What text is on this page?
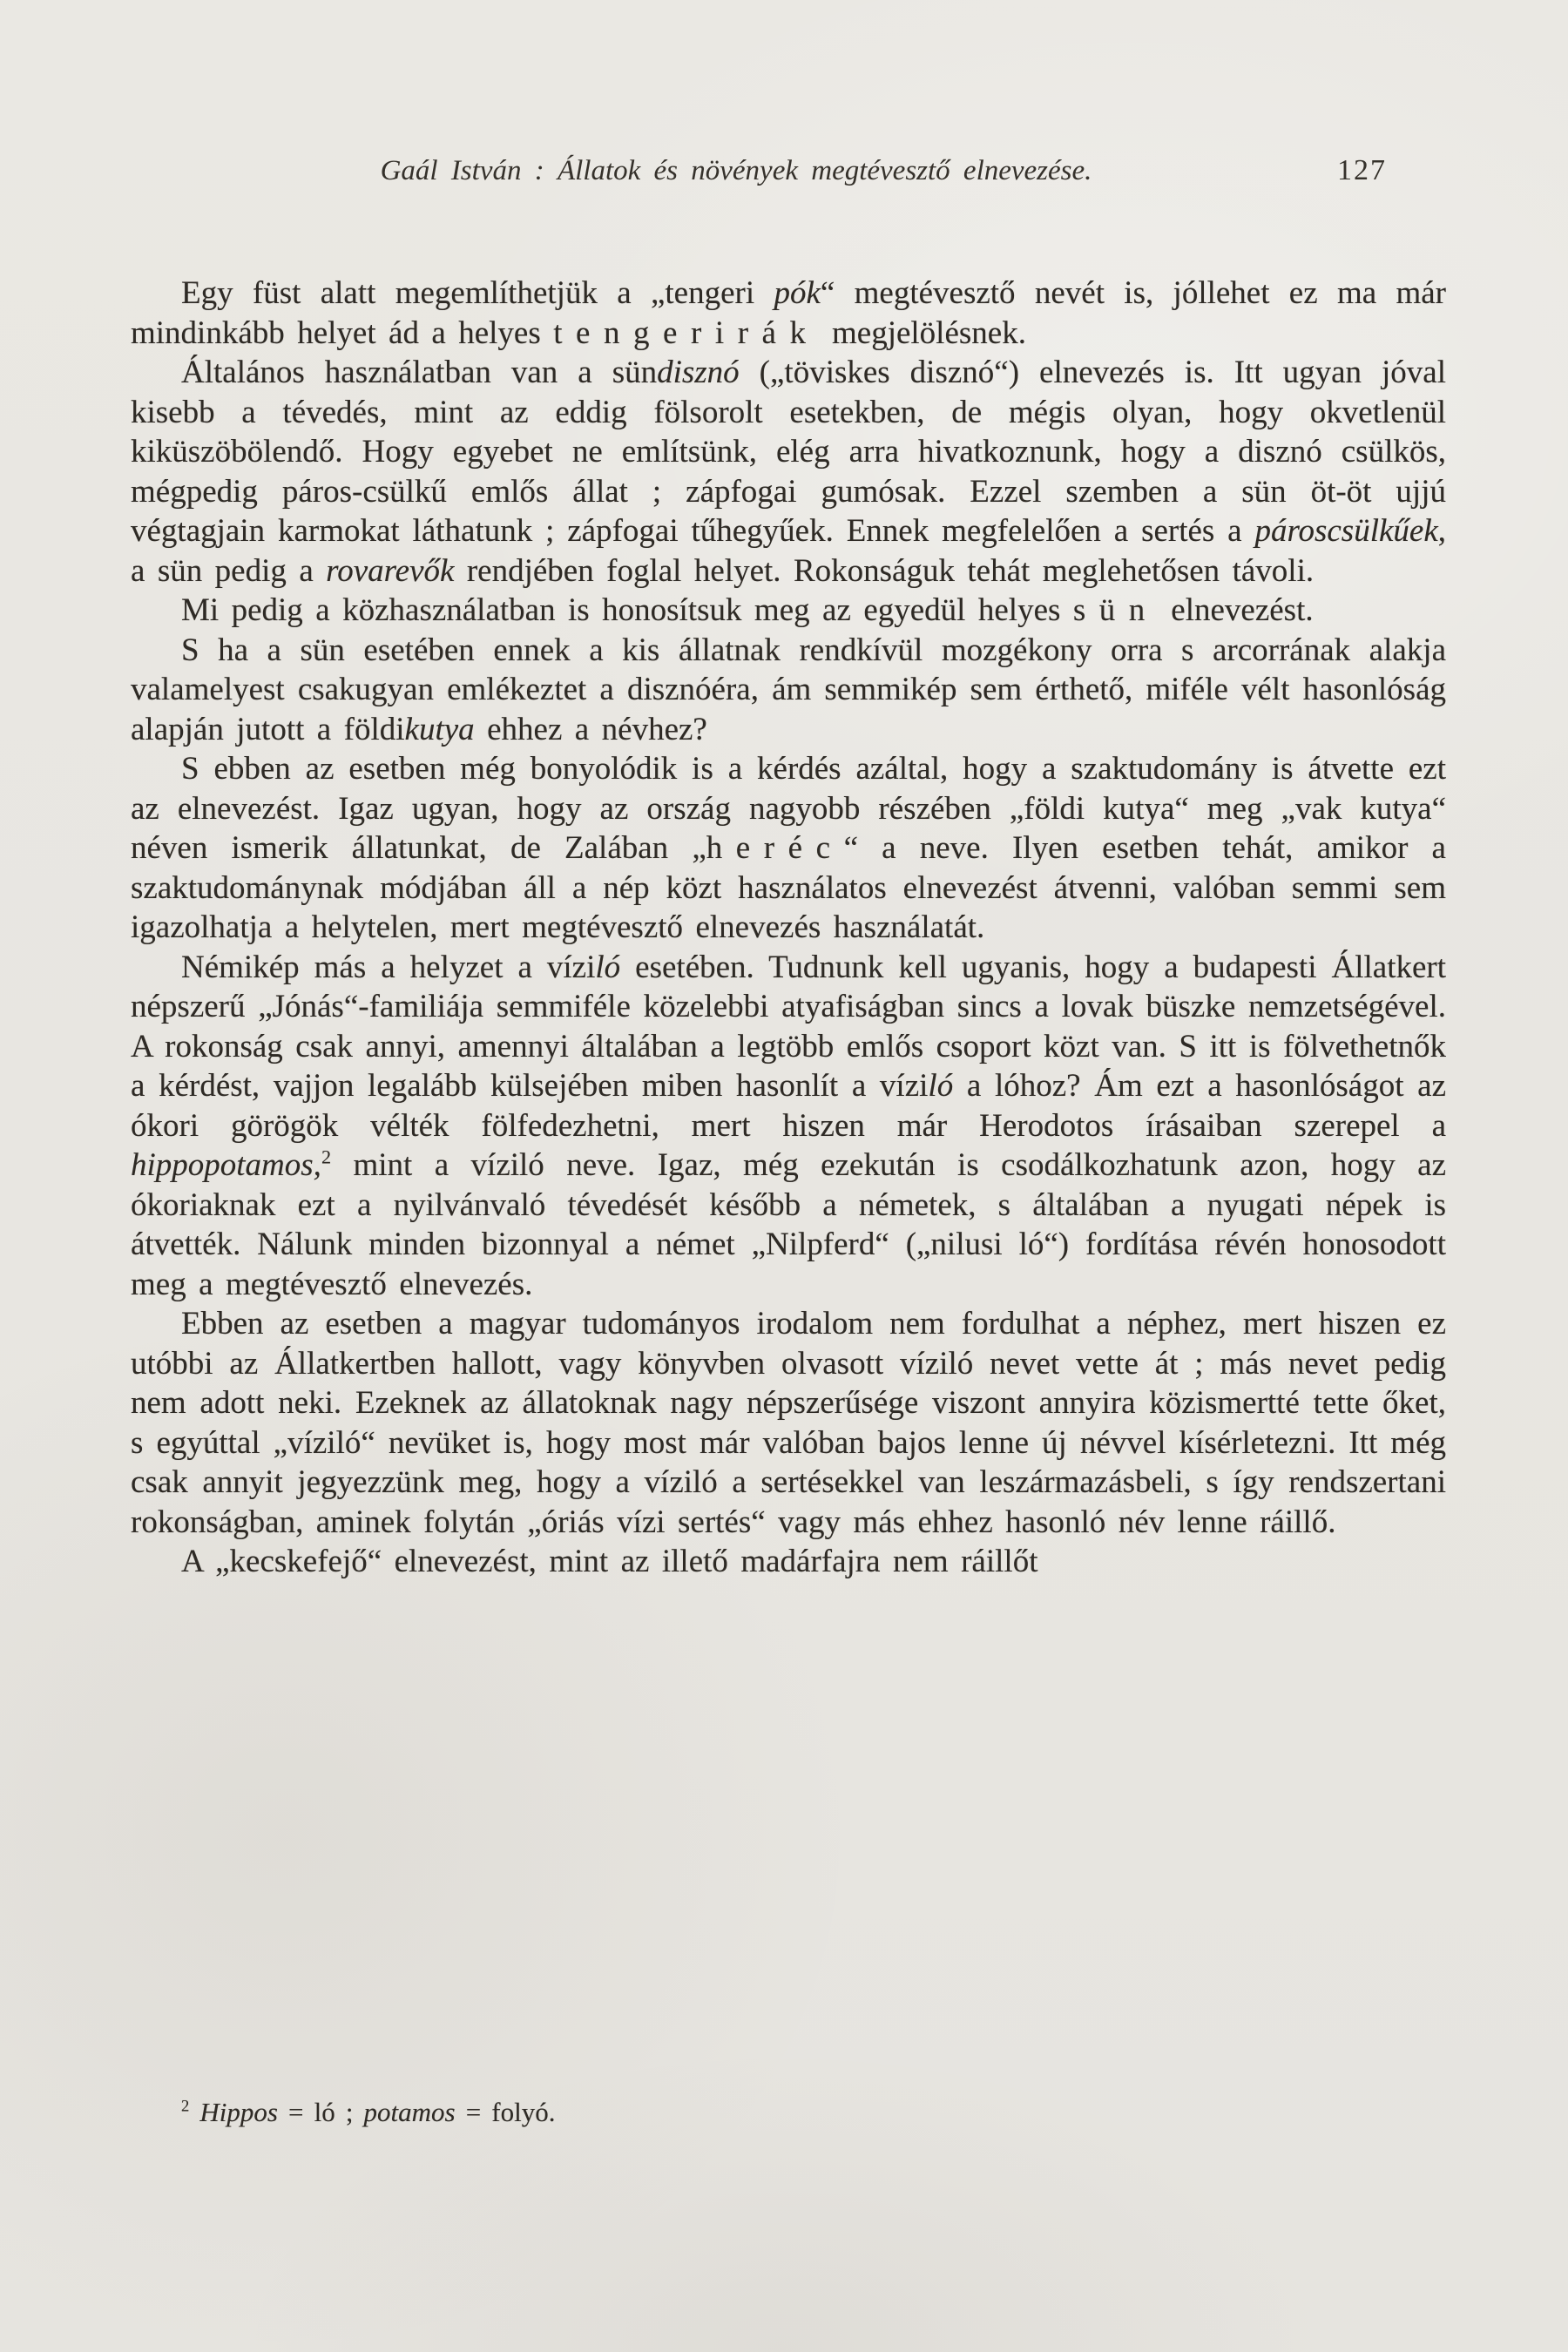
Gaál István : Állatok és növények megtévesztő elnevezése.	127

Egy füst alatt megemlíthetjük a „tengeri pók“ megtévesztő nevét is, jóllehet ez ma már mindinkább helyet ád a helyes tengerirák megjelölésnek.

Általános használatban van a sündisznó („töviskes disznó“) elnevezés is. Itt ugyan jóval kisebb a tévedés, mint az eddig fölsorolt esetekben, de mégis olyan, hogy okvetlenül kiküszöbölendő. Hogy egyebet ne említsünk, elég arra hivatkoznunk, hogy a disznó csülkös, mégpedig páros-csülkű emlős állat ; zápfogai gumósak. Ezzel szemben a sün öt-öt ujjú végtagjain karmokat láthatunk ; zápfogai tűhegyűek. Ennek megfelelően a sertés a pároscsülkűek, a sün pedig a rovarevők rendjében foglal helyet. Rokonságuk tehát meglehetősen távoli.

Mi pedig a közhasználatban is honosítsuk meg az egyedül helyes sün elnevezést.

S ha a sün esetében ennek a kis állatnak rendkívül mozgékony orra s arcorrának alakja valamelyest csakugyan emlékeztet a disznóéra, ám semmikép sem érthető, miféle vélt hasonlóság alapján jutott a földikutya ehhez a névhez?

S ebben az esetben még bonyolódik is a kérdés azáltal, hogy a szaktudomány is átvette ezt az elnevezést. Igaz ugyan, hogy az ország nagyobb részében „földi kutya“ meg „vak kutya“ néven ismerik állatunkat, de Zalában „heréc“ a neve. Ilyen esetben tehát, amikor a szaktudománynak módjában áll a nép közt használatos elnevezést átvenni, valóban semmi sem igazolhatja a helytelen, mert megtévesztő elnevezés használatát.

Némikép más a helyzet a víziló esetében. Tudnunk kell ugyanis, hogy a budapesti Állatkert népszerű „Jónás“-familiája semmiféle közelebbi atyafiságban sincs a lovak büszke nemzetségével. A rokonság csak annyi, amennyi általában a legtöbb emlős csoport közt van. S itt is fölvethetnők a kérdést, vajjon legalább külsejében miben hasonlít a víziló a lóhoz? Ám ezt a hasonlóságot az ókori görögök vélték fölfedezhetni, mert hiszen már Herodotos írásaiban szerepel a hippopotamos,$^2$ mint a víziló neve. Igaz, még ezekután is csodálkozhatunk azon, hogy az ókoriaknak ezt a nyilvánvaló tévedését később a németek, s általában a nyugati népek is átvették. Nálunk minden bizonnyal a német „Nilpferd“ („nilusi ló“) fordítása révén honosodott meg a megtévesztő elnevezés.

Ebben az esetben a magyar tudományos irodalom nem fordulhat a néphez, mert hiszen ez utóbbi az Állatkertben hallott, vagy könyvben olvasott víziló nevet vette át ; más nevet pedig nem adott neki. Ezeknek az állatoknak nagy népszerűsége viszont annyira közismertté tette őket, s egyúttal „víziló“ nevüket is, hogy most már valóban bajos lenne új névvel kísérletezni. Itt még csak annyit jegyezzünk meg, hogy a víziló a sertésekkel van leszármazásbeli, s így rendszertani rokonságban, aminek folytán „óriás vízi sertés“ vagy más ehhez hasonló név lenne ráillő.

A „kecskefejő“ elnevezést, mint az illető madárfajra nem ráillőt

$^2$ Hippos = ló ; potamos = folyó.
